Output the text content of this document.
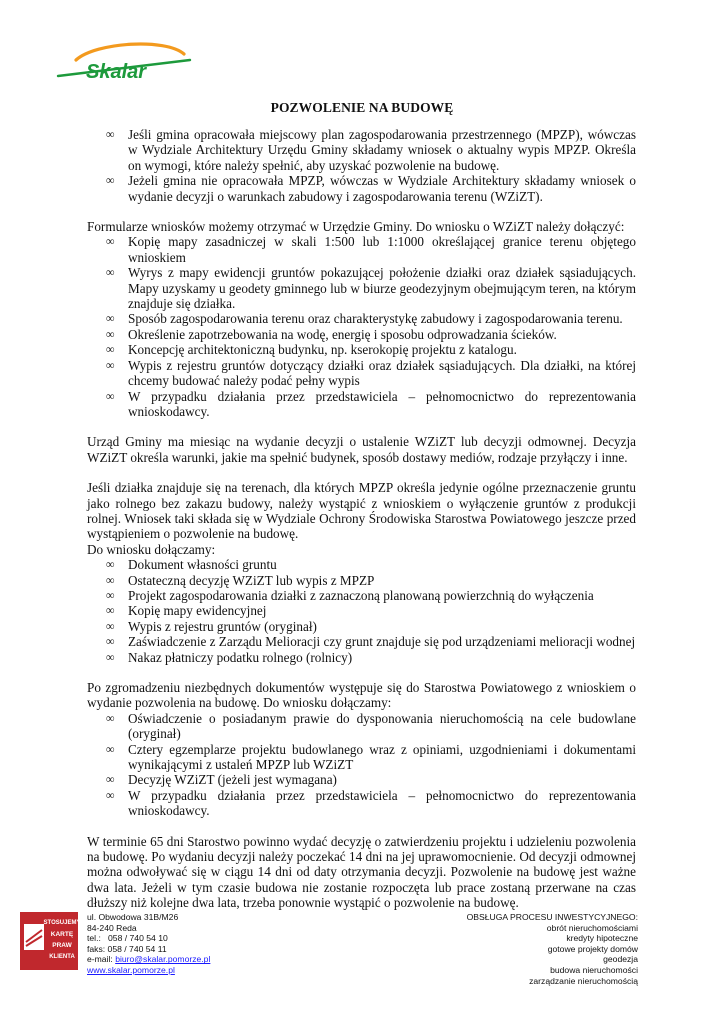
Skalar
POZWOLENIE NA BUDOWĘ
∞ Jeśli gmina opracowała miejscowy plan zagospodarowania przestrzennego (MPZP), wówczas w Wydziale Architektury Urzędu Gminy składamy wniosek o aktualny wypis MPZP. Określa on wymogi, które należy spełnić, aby uzyskać pozwolenie na budowę.
∞ Jeżeli gmina nie opracowała MPZP, wówczas w Wydziale Architektury składamy wniosek o wydanie decyzji o warunkach zabudowy i zagospodarowania terenu (WZiZT).

Formularze wniosków możemy otrzymać w Urzędzie Gminy. Do wniosku o WZiZT należy dołączyć:

∞ Kopię mapy zasadniczej w skali 1:500 lub 1:1000 określającej granice terenu objętego wnioskiem
∞ Wyrys z mapy ewidencji gruntów pokazującej położenie działki oraz działek sąsiadujących. Mapy uzyskamy u geodety gminnego lub w biurze geodezyjnym obejmującym teren, na którym znajduje się działka.
∞ Sposób zagospodarowania terenu oraz charakterystykę zabudowy i zagospodarowania terenu.
∞ Określenie zapotrzebowania na wodę, energię i sposobu odprowadzania ścieków.
∞ Koncepcję architektoniczną budynku, np. kserokopię projektu z katalogu.
∞ Wypis z rejestru gruntów dotyczący działki oraz działek sąsiadujących. Dla działki, na której chcemy budować należy podać pełny wypis
∞ W przypadku działania przez przedstawiciela – pełnomocnictwo do reprezentowania wnioskodawcy.

Urząd Gminy ma miesiąc na wydanie decyzji o ustalenie WZiZT lub decyzji odmownej. Decyzja WZiZT określa warunki, jakie ma spełnić budynek, sposób dostawy mediów, rodzaje przyłączy i inne.

Jeśli działka znajduje się na terenach, dla których MPZP określa jedynie ogólne przeznaczenie gruntu jako rolnego bez zakazu budowy, należy wystąpić z wnioskiem o wyłączenie gruntów z produkcji rolnej. Wniosek taki składa się w Wydziale Ochrony Środowiska Starostwa Powiatowego jeszcze przed wystąpieniem o pozwolenie na budowę.

Do wniosku dołączamy:

∞ Dokument własności gruntu
∞ Ostateczną decyzję WZiZT lub wypis z MPZP
∞ Projekt zagospodarowania działki z zaznaczoną planowaną powierzchnią do wyłączenia
∞ Kopię mapy ewidencyjnej
∞ Wypis z rejestru gruntów (oryginał)
∞ Zaświadczenie z Zarządu Melioracji czy grunt znajduje się pod urządzeniami melioracji wodnej
∞ Nakaz płatniczy podatku rolnego (rolnicy)

Po zgromadzeniu niezbędnych dokumentów występuje się do Starostwa Powiatowego z wnioskiem o wydanie pozwolenia na budowę. Do wniosku dołączamy:

∞ Oświadczenie o posiadanym prawie do dysponowania nieruchomością na cele budowlane (oryginał)
∞ Cztery egzemplarze projektu budowlanego wraz z opiniami, uzgodnieniami i dokumentami wynikającymi z ustaleń MPZP lub WZiZT
∞ Decyzję WZiZT (jeżeli jest wymagana)
∞ W przypadku działania przez przedstawiciela – pełnomocnictwo do reprezentowania wnioskodawcy.

W terminie 65 dni Starostwo powinno wydać decyzję o zatwierdzeniu projektu i udzieleniu pozwolenia na budowę. Po wydaniu decyzji należy poczekać 14 dni na jej uprawomocnienie. Od decyzji odmownej można odwoływać się w ciągu 14 dni od daty otrzymania decyzji. Pozwolenie na budowę jest ważne dwa lata. Jeżeli w tym czasie budowa nie zostanie rozpoczęta lub prace zostaną przerwane na czas dłuższy niż kolejne dwa lata, trzeba ponownie wystąpić o pozwolenie na budowę.

STOSUJEMY
KARTĘ
PRAW
KLIENTA
ul. Obwodowa 31B/M26
84-240 Reda
tel.:   058 / 740 54 10
faks: 058 / 740 54 11
e-mail: biuro@skalar.pomorze.pl
www.skalar.pomorze.pl
OBSŁUGA PROCESU INWESTYCYJNEGO:
obrót nieruchomościami
kredyty hipoteczne
gotowe projekty domów
geodezja
budowa nieruchomości
zarządzanie nieruchomością
